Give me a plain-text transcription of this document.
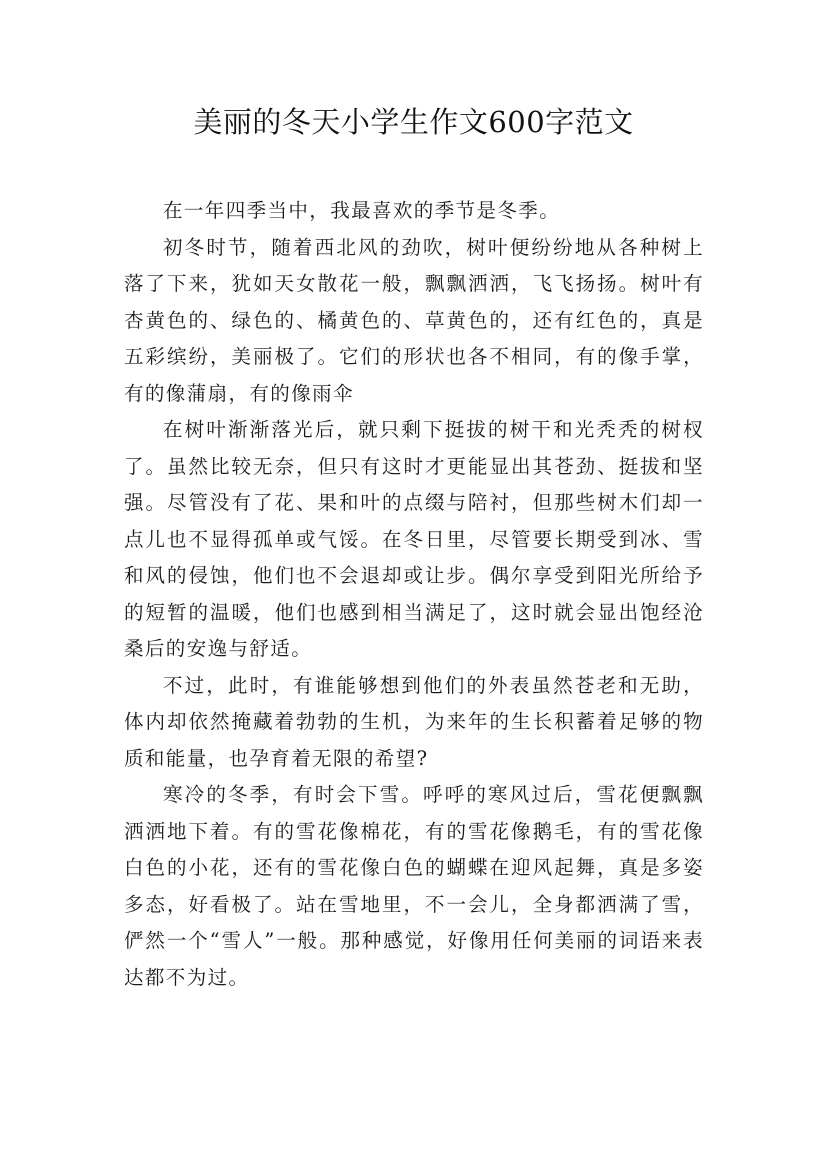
美丽的冬天小学生作文600字范文

在一年四季当中，我最喜欢的季节是冬季。

初冬时节，随着西北风的劲吹，树叶便纷纷地从各种树上落了下来，犹如天女散花一般，飘飘洒洒，飞飞扬扬。树叶有杏黄色的、绿色的、橘黄色的、草黄色的，还有红色的，真是五彩缤纷，美丽极了。它们的形状也各不相同，有的像手掌，有的像蒲扇，有的像雨伞

在树叶渐渐落光后，就只剩下挺拔的树干和光秃秃的树杈了。虽然比较无奈，但只有这时才更能显出其苍劲、挺拔和坚强。尽管没有了花、果和叶的点缀与陪衬，但那些树木们却一点儿也不显得孤单或气馁。在冬日里，尽管要长期受到冰、雪和风的侵蚀，他们也不会退却或让步。偶尔享受到阳光所给予的短暂的温暖，他们也感到相当满足了，这时就会显出饱经沧桑后的安逸与舒适。

不过，此时，有谁能够想到他们的外表虽然苍老和无助，体内却依然掩藏着勃勃的生机，为来年的生长积蓄着足够的物质和能量，也孕育着无限的希望?

寒冷的冬季，有时会下雪。呼呼的寒风过后，雪花便飘飘洒洒地下着。有的雪花像棉花，有的雪花像鹅毛，有的雪花像白色的小花，还有的雪花像白色的蝴蝶在迎风起舞，真是多姿多态，好看极了。站在雪地里，不一会儿，全身都洒满了雪，俨然一个“雪人”一般。那种感觉，好像用任何美丽的词语来表达都不为过。
